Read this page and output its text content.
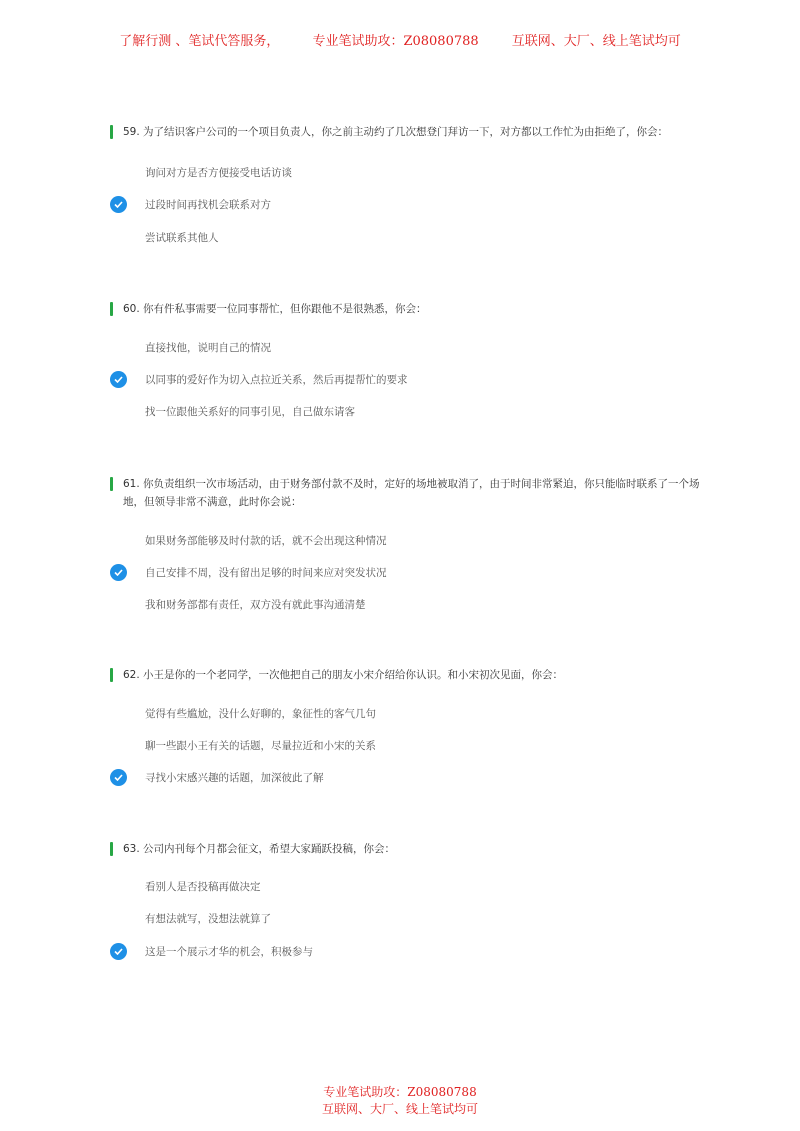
了解行测 、笔试代答服务，	专业笔试助攻：Z08080788	互联网、大厂、线上笔试均可
59. 为了结识客户公司的一个项目负责人，你之前主动约了几次想登门拜访一下，对方都以工作忙为由拒绝了，你会：
询问对方是否方便接受电话访谈
过段时间再找机会联系对方
尝试联系其他人
60. 你有件私事需要一位同事帮忙，但你跟他不是很熟悉，你会：
直接找他，说明自己的情况
以同事的爱好作为切入点拉近关系，然后再提帮忙的要求
找一位跟他关系好的同事引见，自己做东请客
61. 你负责组织一次市场活动，由于财务部付款不及时，定好的场地被取消了，由于时间非常紧迫，你只能临时联系了一个场地，但领导非常不满意，此时你会说：
如果财务部能够及时付款的话，就不会出现这种情况
自己安排不周，没有留出足够的时间来应对突发状况
我和财务部都有责任，双方没有就此事沟通清楚
62. 小王是你的一个老同学，一次他把自己的朋友小宋介绍给你认识。和小宋初次见面，你会：
觉得有些尴尬，没什么好聊的，象征性的客气几句
聊一些跟小王有关的话题，尽量拉近和小宋的关系
寻找小宋感兴趣的话题，加深彼此了解
63. 公司内刊每个月都会征文，希望大家踊跃投稿，你会：
看别人是否投稿再做决定
有想法就写，没想法就算了
这是一个展示才华的机会，积极参与
专业笔试助攻：Z08080788
互联网、大厂、线上笔试均可
